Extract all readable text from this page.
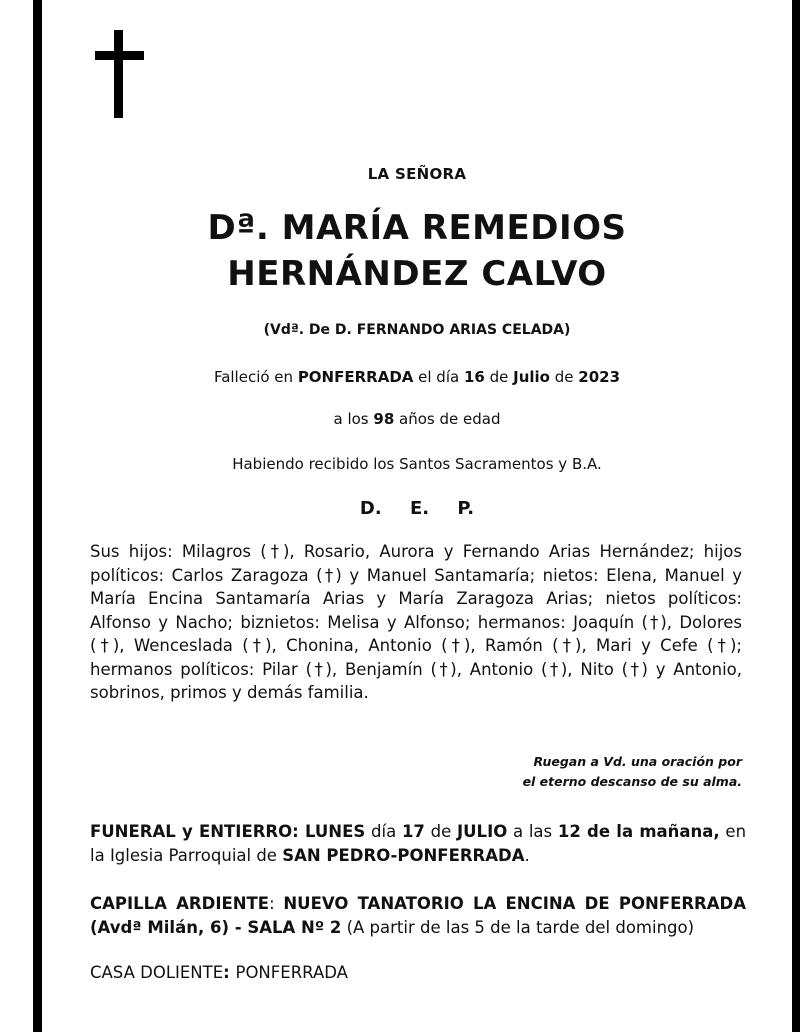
LA SEÑORA
Dª. MARÍA REMEDIOS
HERNÁNDEZ CALVO
(Vdª. De D. FERNANDO ARIAS CELADA)
Falleció en PONFERRADA el día 16 de Julio de 2023
a los 98 años de edad
Habiendo recibido los Santos Sacramentos y B.A.
D. E. P.
Sus hijos: Milagros (†), Rosario, Aurora y Fernando Arias Hernández; hijos políticos: Carlos Zaragoza (†) y Manuel Santamaría; nietos: Elena, Manuel y María Encina Santamaría Arias y María Zaragoza Arias; nietos políticos: Alfonso y Nacho; biznietos: Melisa y Alfonso; hermanos: Joaquín (†), Dolores (†), Wenceslada (†), Chonina, Antonio (†), Ramón (†), Mari y Cefe (†); hermanos políticos: Pilar (†), Benjamín (†), Antonio (†), Nito (†) y Antonio, sobrinos, primos y demás familia.
Ruegan a Vd. una oración por
el eterno descanso de su alma.
FUNERAL y ENTIERRO: LUNES día 17 de JULIO a las 12 de la mañana, en la Iglesia Parroquial de SAN PEDRO-PONFERRADA.
CAPILLA ARDIENTE: NUEVO TANATORIO LA ENCINA DE PONFERRADA (Avdª Milán, 6) - SALA Nº 2 (A partir de las 5 de la tarde del domingo)
CASA DOLIENTE: PONFERRADA
